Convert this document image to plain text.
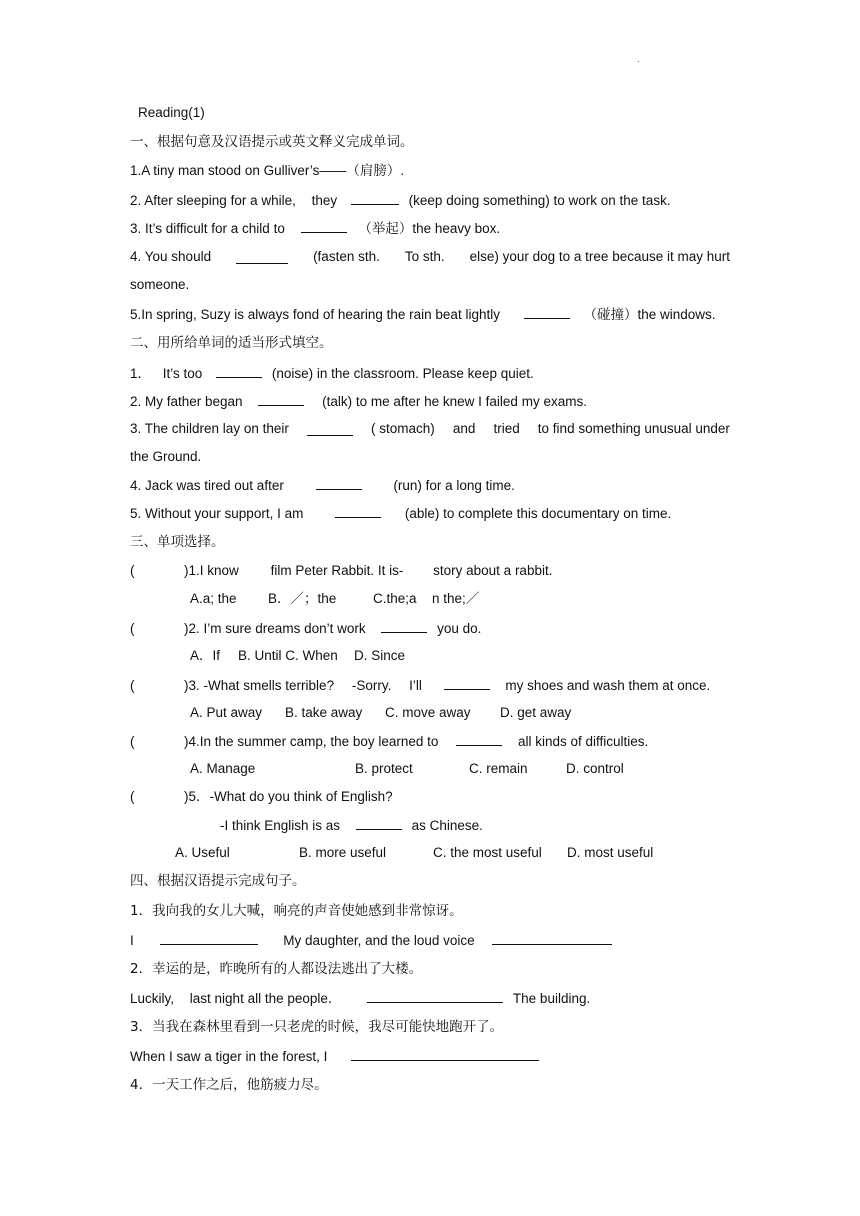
.
Reading(1)
一、根据句意及汉语提示或英文释义完成单词。
1.A tiny man stood on Gulliver’s——（肩膀）.
2. After sleeping for a while, they	(keep doing something) to work on the task.
3. It’s difficult for a child to	（举起）the heavy box.
4. You should	(fasten sth. To sth. else) your dog to a tree because it may hurt
someone.
5.In spring, Suzy is always fond of hearing the rain beat lightly	（碰撞）the windows.
二、用所给单词的适当形式填空。
1． It’s too	(noise) in the classroom. Please keep quiet.
2. My father began	(talk) to me after he knew I failed my exams.
3. The children lay on their	( stomach) and tried to find something unusual under
the Ground.
4. Jack was tired out after	(run) for a long time.
5. Without your support, I am	(able) to complete this documentary on time.
三、单项选择。
(	)1.I know film Peter Rabbit. It is- story about a rabbit.
A.a; the B．／；the	C.the;a n the;／
(	)2. I’m sure dreams don’t work	you do.
A．If B. Until C. When D. Since
(	)3. -What smells terrible? -Sorry. I’ll	my shoes and wash them at once.
A. Put away B. take away C. move away D. get away
(	)4.In the summer camp, the boy learned to	all kinds of difficulties.
A. Manage	B. protect	C. remain	D. control
(	)5．-What do you think of English?
-I think English is as	as Chinese.
A. Useful	B. more useful	C. the most useful D. most useful
四、根据汉语提示完成句子。
1．我向我的女儿大喊，响亮的声音使她感到非常惊讶。
I	My daughter, and the loud voice
2．幸运的是，昨晚所有的人都设法逃出了大楼。
Luckily, last night all the people．	The building.
3．当我在森林里看到一只老虎的时候，我尽可能快地跑开了。
When I saw a tiger in the forest, I
4．一天工作之后，他筋疲力尽。
